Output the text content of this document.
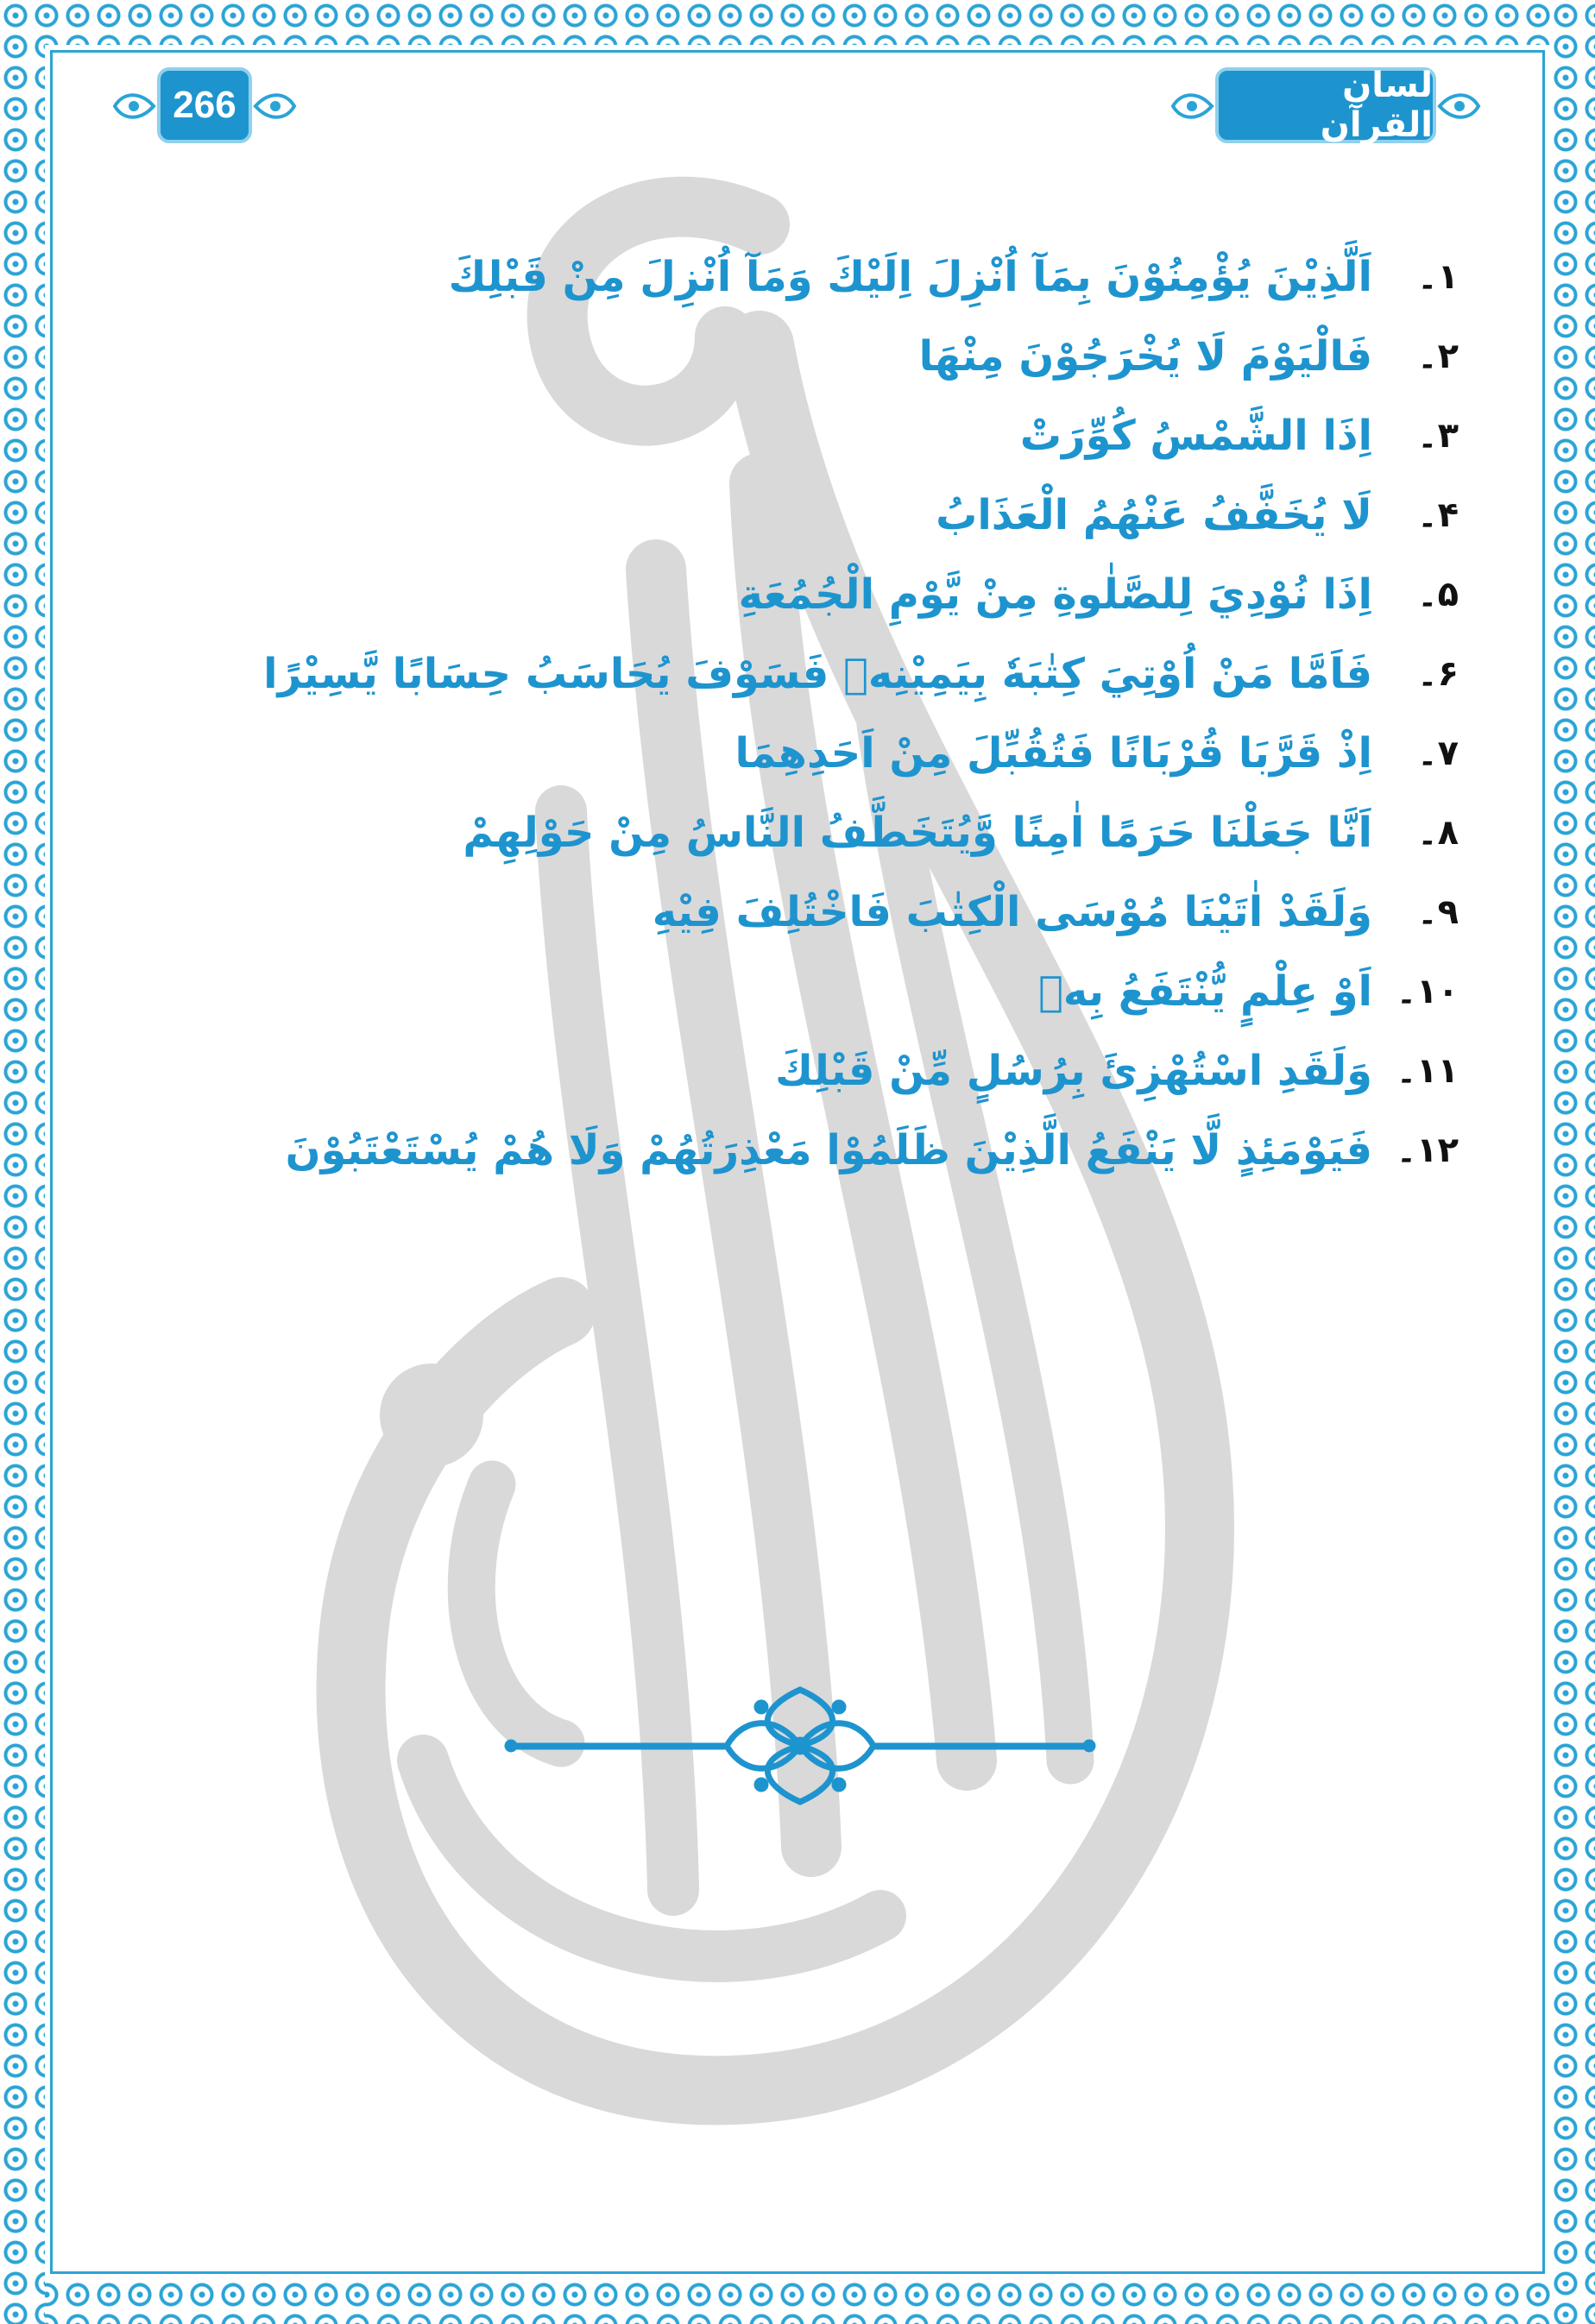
266	لسان القرآن
۱۔
اَلَّذِيْنَ يُؤْمِنُوْنَ بِمَآ اُنْزِلَ اِلَيْكَ وَمَآ اُنْزِلَ مِنْ قَبْلِكَ
۲۔
فَالْيَوْمَ لَا يُخْرَجُوْنَ مِنْهَا
۳۔
اِذَا الشَّمْسُ كُوِّرَتْ
۴۔
لَا يُخَفَّفُ عَنْهُمُ الْعَذَابُ
۵۔
اِذَا نُوْدِيَ لِلصَّلٰوةِ مِنْ يَّوْمِ الْجُمُعَةِ
۶۔
فَاَمَّا مَنْ اُوْتِيَ كِتٰبَهٗ بِيَمِيْنِهٖ فَسَوْفَ يُحَاسَبُ حِسَابًا يَّسِيْرًا
۷۔
اِذْ قَرَّبَا قُرْبَانًا فَتُقُبِّلَ مِنْ اَحَدِهِمَا
۸۔
اَنَّا جَعَلْنَا حَرَمًا اٰمِنًا وَّيُتَخَطَّفُ النَّاسُ مِنْ حَوْلِهِمْ
۹۔
وَلَقَدْ اٰتَيْنَا مُوْسَى الْكِتٰبَ فَاخْتُلِفَ فِيْهِ
۱۰۔
اَوْ عِلْمٍ يُّنْتَفَعُ بِهٖ
۱۱۔
وَلَقَدِ اسْتُهْزِئَ بِرُسُلٍ مِّنْ قَبْلِكَ
۱۲۔
فَيَوْمَئِذٍ لَّا يَنْفَعُ الَّذِيْنَ ظَلَمُوْا مَعْذِرَتُهُمْ وَلَا هُمْ يُسْتَعْتَبُوْنَ
